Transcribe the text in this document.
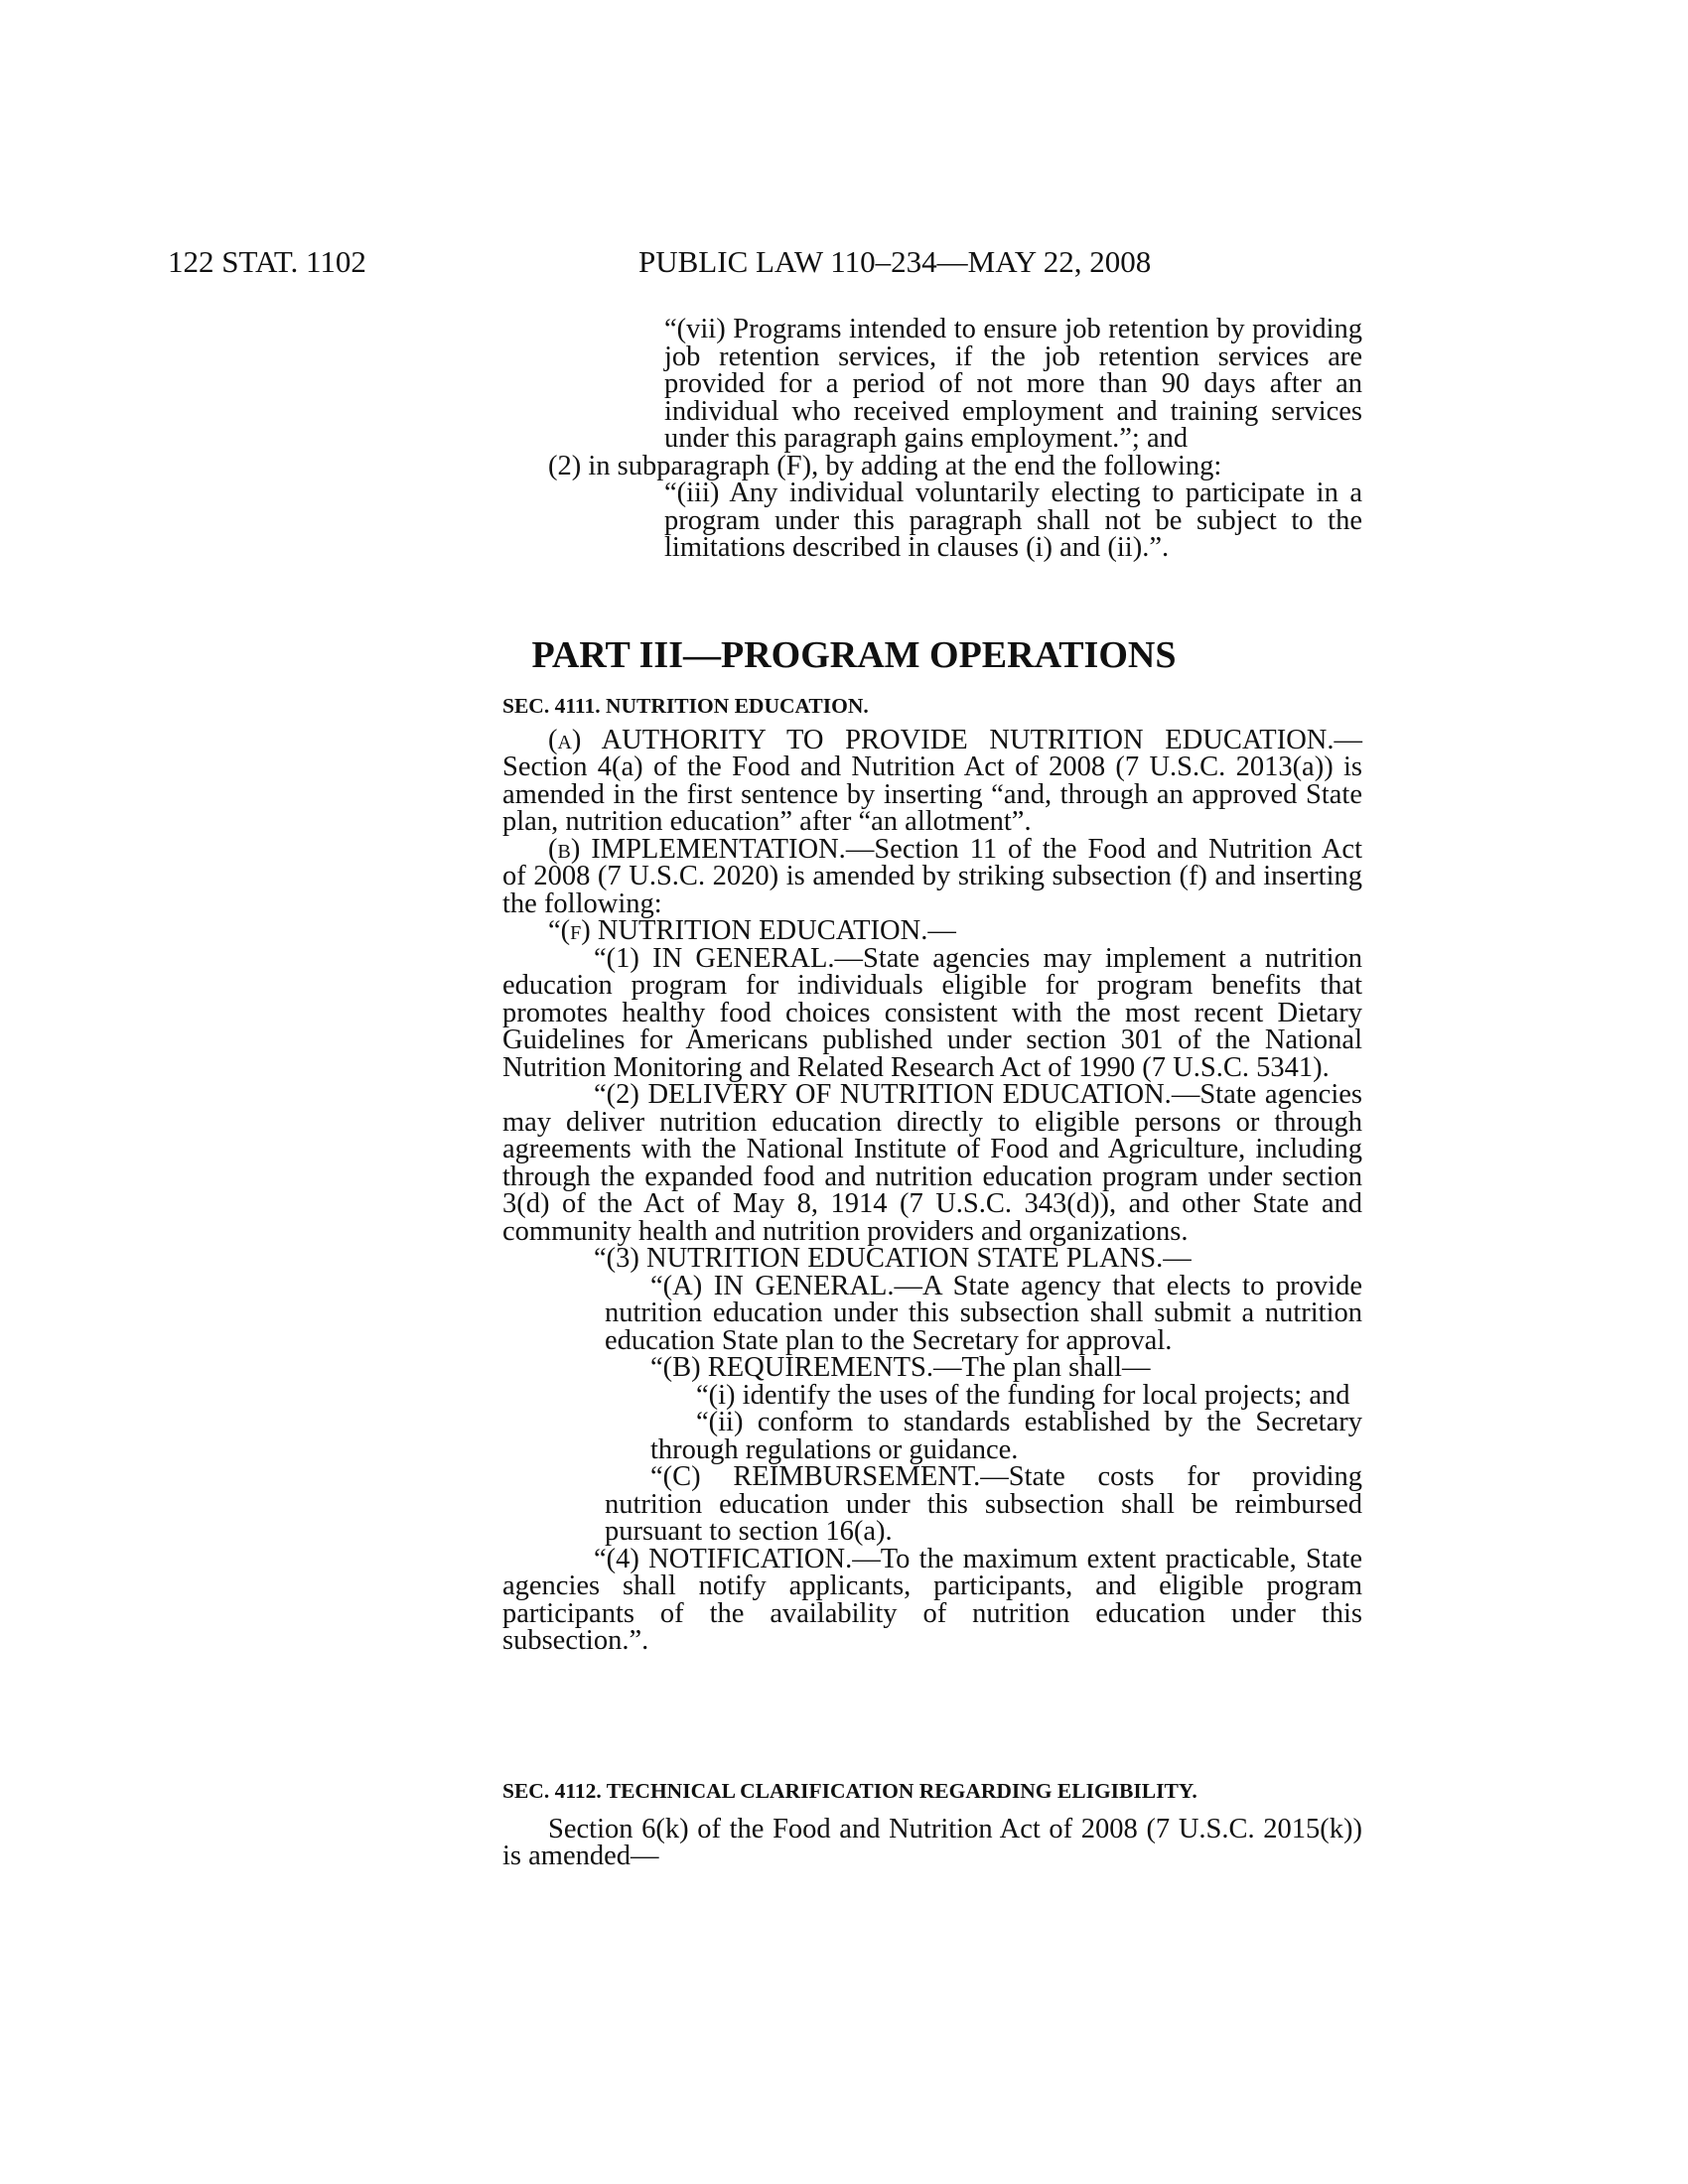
122 STAT. 1102	PUBLIC LAW 110–234—MAY 22, 2008

“(vii) Programs intended to ensure job retention by providing job retention services, if the job retention services are provided for a period of not more than 90 days after an individual who received employment and training services under this paragraph gains employment.”; and

(2) in subparagraph (F), by adding at the end the following:

“(iii) Any individual voluntarily electing to participate in a program under this paragraph shall not be subject to the limitations described in clauses (i) and (ii).”.

PART III—PROGRAM OPERATIONS

SEC. 4111. NUTRITION EDUCATION.

(a) AUTHORITY TO PROVIDE NUTRITION EDUCATION.—Section 4(a) of the Food and Nutrition Act of 2008 (7 U.S.C. 2013(a)) is amended in the first sentence by inserting “and, through an approved State plan, nutrition education” after “an allotment”.

(b) IMPLEMENTATION.—Section 11 of the Food and Nutrition Act of 2008 (7 U.S.C. 2020) is amended by striking subsection (f) and inserting the following:

“(f) NUTRITION EDUCATION.—

“(1) IN GENERAL.—State agencies may implement a nutrition education program for individuals eligible for program benefits that promotes healthy food choices consistent with the most recent Dietary Guidelines for Americans published under section 301 of the National Nutrition Monitoring and Related Research Act of 1990 (7 U.S.C. 5341).

“(2) DELIVERY OF NUTRITION EDUCATION.—State agencies may deliver nutrition education directly to eligible persons or through agreements with the National Institute of Food and Agriculture, including through the expanded food and nutrition education program under section 3(d) of the Act of May 8, 1914 (7 U.S.C. 343(d)), and other State and community health and nutrition providers and organizations.

“(3) NUTRITION EDUCATION STATE PLANS.—

“(A) IN GENERAL.—A State agency that elects to provide nutrition education under this subsection shall submit a nutrition education State plan to the Secretary for approval.

“(B) REQUIREMENTS.—The plan shall—

“(i) identify the uses of the funding for local projects; and

“(ii) conform to standards established by the Secretary through regulations or guidance.

“(C) REIMBURSEMENT.—State costs for providing nutrition education under this subsection shall be reimbursed pursuant to section 16(a).

“(4) NOTIFICATION.—To the maximum extent practicable, State agencies shall notify applicants, participants, and eligible program participants of the availability of nutrition education under this subsection.”.

SEC. 4112. TECHNICAL CLARIFICATION REGARDING ELIGIBILITY.

Section 6(k) of the Food and Nutrition Act of 2008 (7 U.S.C. 2015(k)) is amended—
